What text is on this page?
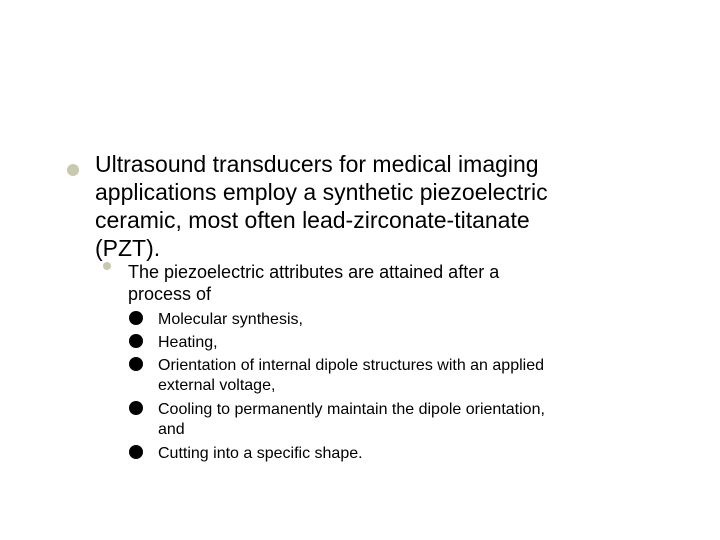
Ultrasound transducers for medical imaging
applications employ a synthetic piezoelectric
ceramic, most often lead-zirconate-titanate
(PZT).
The piezoelectric attributes are attained after a
process of
Molecular synthesis,
Heating,
Orientation of internal dipole structures with an applied
external voltage,
Cooling to permanently maintain the dipole orientation,
and
Cutting into a specific shape.
